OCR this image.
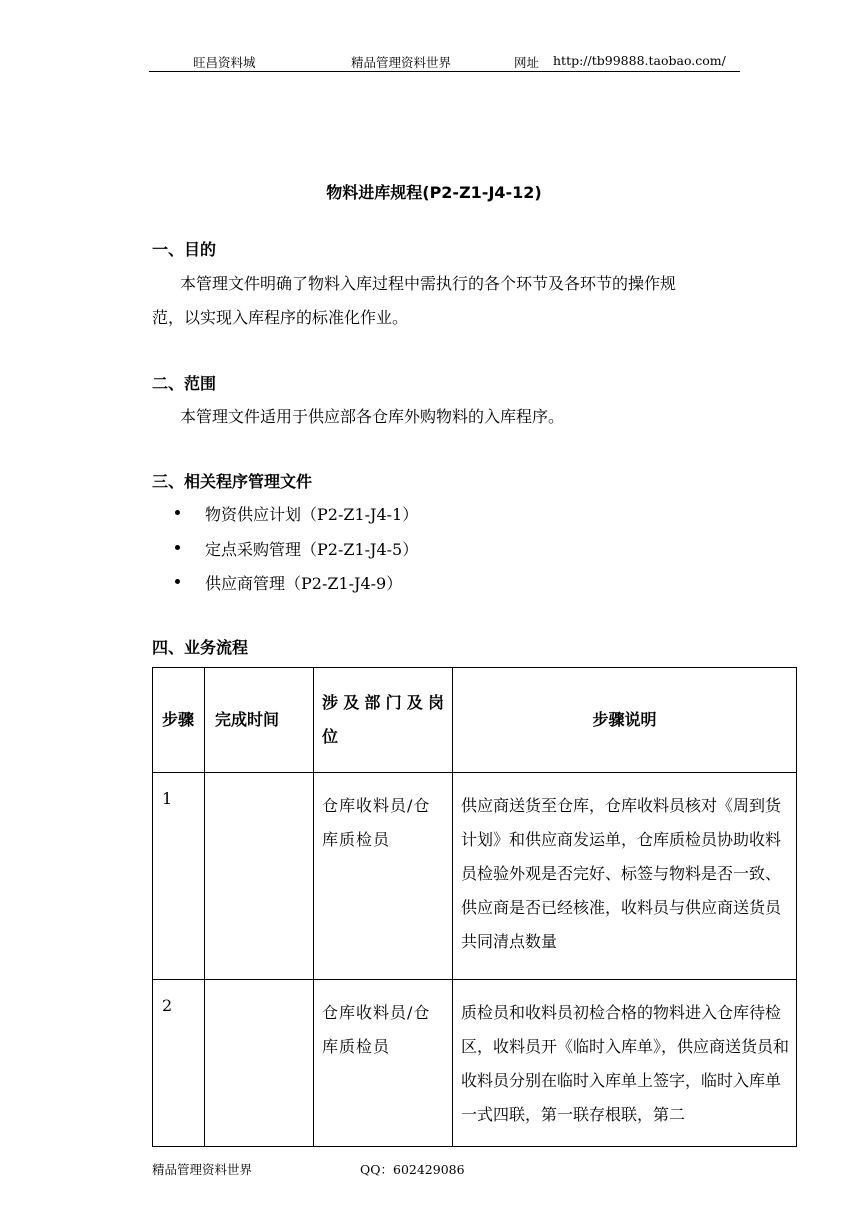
旺昌资料城	精品管理资料世界	网址 http://tb99888.taobao.com/
物料进库规程(P2-Z1-J4-12)
一、目的
本管理文件明确了物料入库过程中需执行的各个环节及各环节的操作规
范，以实现入库程序的标准化作业。
二、范围
本管理文件适用于供应部各仓库外购物料的入库程序。
三、相关程序管理文件
物资供应计划（P2-Z1-J4-1）
定点采购管理（P2-Z1-J4-5）
供应商管理（P2-Z1-J4-9）
四、业务流程
步骤	完成时间	涉及部门及岗位	步骤说明
1		仓库收料员/仓库质检员	供应商送货至仓库，仓库收料员核对《周到货计划》和供应商发运单，仓库质检员协助收料员检验外观是否完好、标签与物料是否一致、供应商是否已经核准，收料员与供应商送货员共同清点数量
2		仓库收料员/仓库质检员	质检员和收料员初检合格的物料进入仓库待检区，收料员开《临时入库单》，供应商送货员和收料员分别在临时入库单上签字，临时入库单一式四联，第一联存根联，第二
精品管理资料世界	QQ：602429086
